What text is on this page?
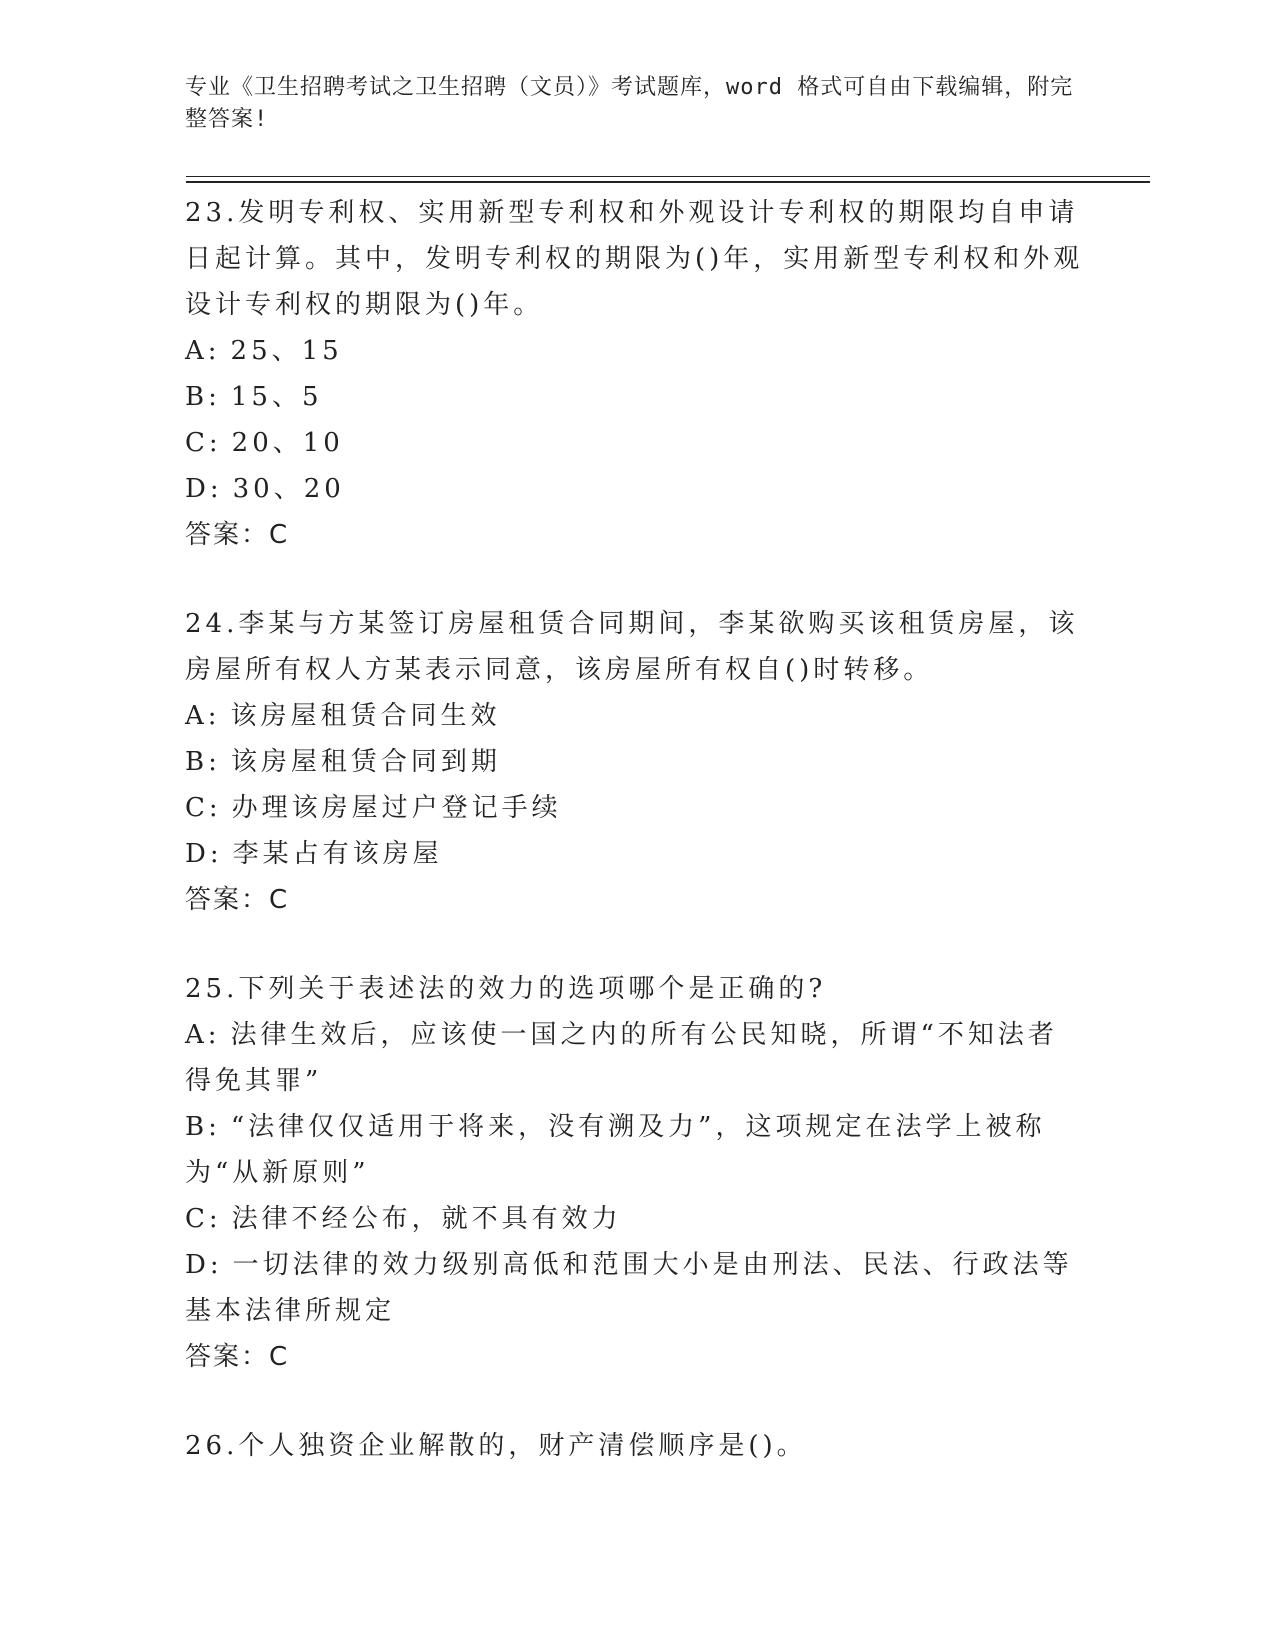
专业《卫生招聘考试之卫生招聘（文员）》考试题库，word 格式可自由下载编辑，附完整答案!
23.发明专利权、实用新型专利权和外观设计专利权的期限均自申请日起计算。其中，发明专利权的期限为()年，实用新型专利权和外观设计专利权的期限为()年。
A: 25、15
B: 15、5
C: 20、10
D: 30、20
答案：C
24.李某与方某签订房屋租赁合同期间，李某欲购买该租赁房屋，该房屋所有权人方某表示同意，该房屋所有权自()时转移。
A: 该房屋租赁合同生效
B: 该房屋租赁合同到期
C: 办理该房屋过户登记手续
D: 李某占有该房屋
答案：C
25.下列关于表述法的效力的选项哪个是正确的?
A: 法律生效后，应该使一国之内的所有公民知晓，所谓“不知法者得免其罪”
B: “法律仅仅适用于将来，没有溯及力”，这项规定在法学上被称为“从新原则”
C: 法律不经公布，就不具有效力
D: 一切法律的效力级别高低和范围大小是由刑法、民法、行政法等基本法律所规定
答案：C
26.个人独资企业解散的，财产清偿顺序是()。
